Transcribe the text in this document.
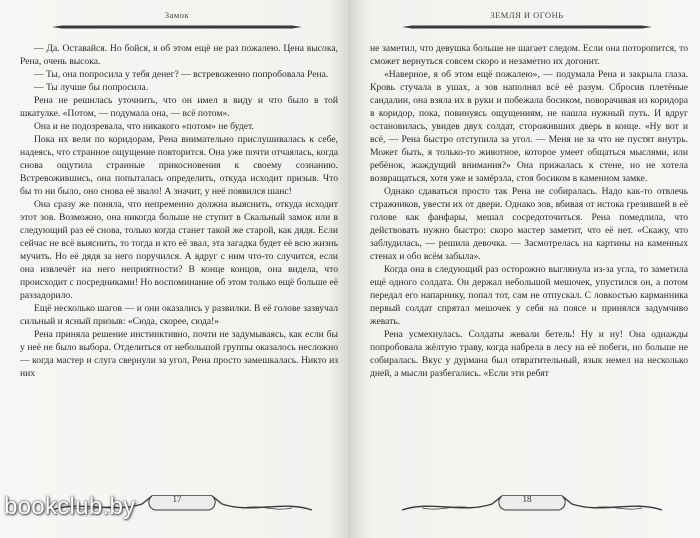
Замок

— Да. Оставайся. Но бойся, я об этом ещё не раз пожалею. Цена высока, Рена, очень высока.

— Ты, она попросила у тебя денег? — встревоженно попробовала Рена.

— Ты лучше бы попросила.

Рена не решилась уточнить, что он имел в виду и что было в той шкатулке. «Потом, — подумала она, — всё потом».

Она и не подозревала, что никакого «потом» не будет.

Пока их вели по коридорам, Рена внимательно прислушивалась к себе, надеясь, что странное ощущение повторится. Она уже почти отчаялась, когда снова ощутила странные прикосновения к своему сознанию. Встревожившись, она попыталась определить, откуда исходит призыв. Что бы то ни было, оно снова её звало! А значит, у неё появился шанс!

Она сразу же поняла, что непременно должна выяснить, откуда исходит этот зов. Возможно, она никогда больше не ступит в Скальный замок или в следующий раз её снова, только когда станет такой же старой, как дядя. Если сейчас не всё выяснить, то тогда и кто её звал, эта загадка будет её всю жизнь мучить. Но её дядя за него поручился. А вдруг с ним что-то случится, если она извлечёт на него неприятности? В конце концов, она видела, что происходит с посредниками! Но воспоминание об этом только ещё больше её раззадорило.

Ещё несколько шагов — и они оказались у развилки. В её голове зазвучал сильный и ясный призыв: «Сюда, скорее, сюда!»

Рена приняла решение инстинктивно, почти не задумываясь, как если бы у неё не было выбора. Отделиться от небольшой группы оказалось несложно — когда мастер и слуга свернули за угол, Рена просто замешкалась. Никто из них

17
ЗЕМЛЯ И ОГОНЬ

не заметил, что девушка больше не шагает следом. Если она поторопится, то сможет вернуться совсем скоро и незаметно их догонит.

«Наверное, я об этом ещё пожалею», — подумала Рена и закрыла глаза. Кровь стучала в ушах, а зов наполнял всё её разум. Сбросив плетёные сандалии, она взяла их в руки и побежала босиком, поворачивая из коридора в коридор, пока, повинуясь ощущениям, не нашла нужный путь. И вдруг остановилась, увидев двух солдат, стороживших дверь в конце. «Ну вот и всё, — Рена быстро отступила за угол. — Меня не за что не пустят внутрь. Может быть, я только-то животное, которое умеет общаться мыслями, или ребёнок, жаждущий внимания?» Она прижалась к стене, но не хотела возвращаться, хотя уже и замёрзла, стоя босиком в каменном замке.

Однако сдаваться просто так Рена не собиралась. Надо как-то отвлечь стражников, увести их от двери. Однако зов, вбивая от истока грезившей в её голове как фанфары, мешал сосредоточиться. Рена помедлила, что действовать нужно быстро: скоро мастер заметит, что её нет. «Скажу, что заблудилась, — решила девочка. — Засмотрелась на картины на каменных стенах и обо всём забыла».

Когда она в следующий раз осторожно выглянула из-за угла, то заметила ещё одного солдата. Он держал небольшой мешочек, упустился он, а потом передал его напарнику, попал тот, сам не отпускал. С ловкостью карманника первый солдат спрятал мешочек у себя на поясе и принялся задумчиво жевать.

Рена усмехнулась. Солдаты жевали бетель! Ну и ну! Она однажды попробовала жёлтую траву, когда набрела в лесу на её побеги, но больше не собиралась. Вкус у дурмана был отвратительный, язык немел на несколько дней, а мысли разбегались. «Если эти ребят

18
bookclub.by
